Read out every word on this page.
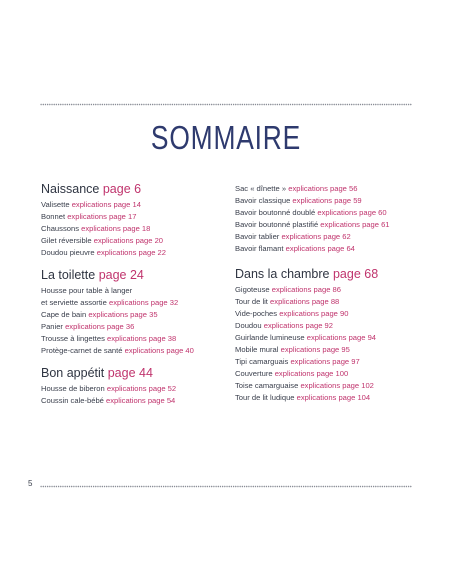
SOMMAIRE
Naissance page 6
Valisette explications page 14
Bonnet explications page 17
Chaussons explications page 18
Gilet réversible explications page 20
Doudou pieuvre explications page 22
La toilette page 24
Housse pour table à langer
et serviette assortie explications page 32
Cape de bain explications page 35
Panier explications page 36
Trousse à lingettes explications page 38
Protège-carnet de santé explications page 40
Bon appétit page 44
Housse de biberon explications page 52
Coussin cale-bébé explications page 54
Sac « dînette » explications page 56
Bavoir classique explications page 59
Bavoir boutonné doublé explications page 60
Bavoir boutonné plastifié explications page 61
Bavoir tablier explications page 62
Bavoir flamant explications page 64
Dans la chambre page 68
Gigoteuse explications page 86
Tour de lit explications page 88
Vide-poches explications page 90
Doudou explications page 92
Guirlande lumineuse explications page 94
Mobile mural explications page 95
Tipi camarguais explications page 97
Couverture explications page 100
Toise camarguaise explications page 102
Tour de lit ludique explications page 104
5
